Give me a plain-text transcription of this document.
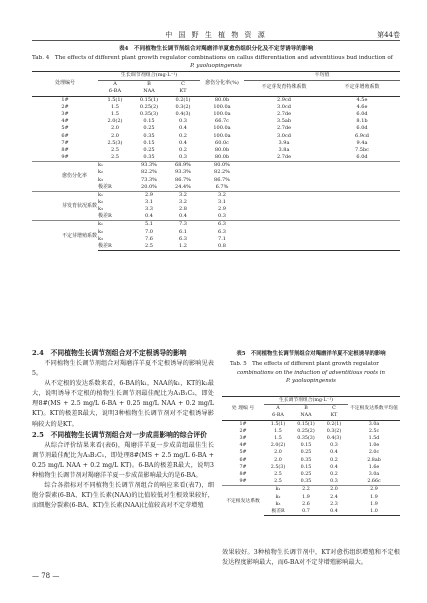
中 国 野 生 植 物 资 源	第44卷
表4　不同植物生长调节剂组合对羯磨洋羊夏愈伤组织分化及不定芽诱导的影响
Tab. 4　The effects of different plant growth regulator combinations on callus differentiation and adventitious bud induction of
P. yaoluopingensis
处理编号	生长调节剂组合(mg·L⁻¹)			愈伤分化率(%)	平均值	
	A	B	C		不定芽发育特殊系数	不定芽增殖系数
	6-BA	NAA	KT			
1#	1.5(1)	0.15(1)	0.2(1)	80.0b	2.9cd	4.5e
2#	1.5	0.25(2)	0.3(2)	100.0a	3.0cd	4.6e
3#	1.5	0.35(3)	0.4(3)	100.0a	2.7de	6.0d
4#	2.0(2)	0.15	0.3	66.7c	3.5ab	8.1b
5#	2.0	0.25	0.4	100.0a	2.7de	6.0d
6#	2.0	0.35	0.2	100.0a	3.0cd	6.9cd
7#	2.5(3)	0.15	0.4	60.0c	3.9a	9.4a
8#	2.5	0.25	0.2	80.0b	3.8a	7.5bc
9#	2.5	0.35	0.3	80.0b	2.7de	6.0d
愈伤分化率	k₁	93.3%	68.9%	80.0%		
	k₂	82.2%	93.3%	82.2%		
	k₃	73.3%	86.7%	86.7%		
	极差R	20.0%	24.4%	6.7%		
芽发育状况系数	k₁	2.9	3.2	3.2		
	k₂	3.1	3.2	3.1		
	k₃	3.3	2.8	2.9		
	极差R	0.4	0.4	0.3		
不定芽增殖系数	k₁	5.1	7.3	6.3		
	k₂	7.0	6.1	6.3		
	k₃	7.6	6.3	7.1		
	极差R	2.5	1.2	0.8		
2.4　不同植物生长调节剂组合对不定根诱导的影响

不同植物生长调节剂组合对羯磨洋羊夏不定根诱导的影响见表5。

从不定根的发达系数来看，6-BA的k₁，NAA的k₁，KT的k₂最大，说明诱导不定根的植物生长调节剂最佳配比为A₁B₁C₂，即处理8#(MS + 2.5 mg/L 6-BA + 0.25 mg/L NAA + 0.2 mg/L KT)。KT的极差R最大，说明3种植物生长调节剂对不定根诱导影响较大的是KT。

2.5　不同植物生长调节剂组合对一步成苗影响的综合评价

从综合评价结果来看(表6)，羯磨洋羊夏一步成苗组最佳生长调节剂最佳配比为A₃B₂C₁，即处理8#(MS + 2.5 mg/L 6-BA + 0.25 mg/L NAA + 0.2 mg/L KT)。6-BA的极差R最大，说明3种植物生长调节剂对羯磨洋羊夏一步成苗影响最大的是6-BA。

综合各指标对不同植物生长调节剂组合的响应来看(表7)，细胞分裂素(6-BA、KT)生长素(NAA)的比值较低对生根效果较好，而细胞分裂素(6-BA、KT)生长素(NAA)比值较高对不定芽增殖

表5　不同植物生长调节剂组合对羯磨洋羊夏不定根诱导的影响
Tab. 5　The effects of different plant growth regulator
combinations on the induction of adventitious roots in
P. yaoluopingensis
处 理编 号	生长调节剂组合(mg·L⁻¹)			不定根发达系数平均值
	A	B	C	
	6-BA	NAA	KT	
1#	1.5(1)	0.15(1)	0.2(1)	3.0a
2#	1.5	0.25(2)	0.3(2)	2.5c
3#	1.5	0.35(3)	0.4(3)	1.5d
4#	2.0(2)	0.15	0.3	1.0e
5#	2.0	0.25	0.4	2.0c
6#	2.0	0.35	0.2	2.8ab
7#	2.5(3)	0.15	0.4	1.6e
8#	2.5	0.25	0.2	3.0a
9#	2.5	0.35	0.3	2.66c
不定根发达系数	k₁	2.2	2.0	2.9
	k₂	1.9	2.4	1.9
	k₃	2.6	2.3	1.9
	极差R	0.7	0.4	1.0

效果较好。3种植物生长调节剂中，KT对愈伤组织增殖和不定根发达程度影响最大，而6-BA对不定芽增殖影响最大。

— 78 —
